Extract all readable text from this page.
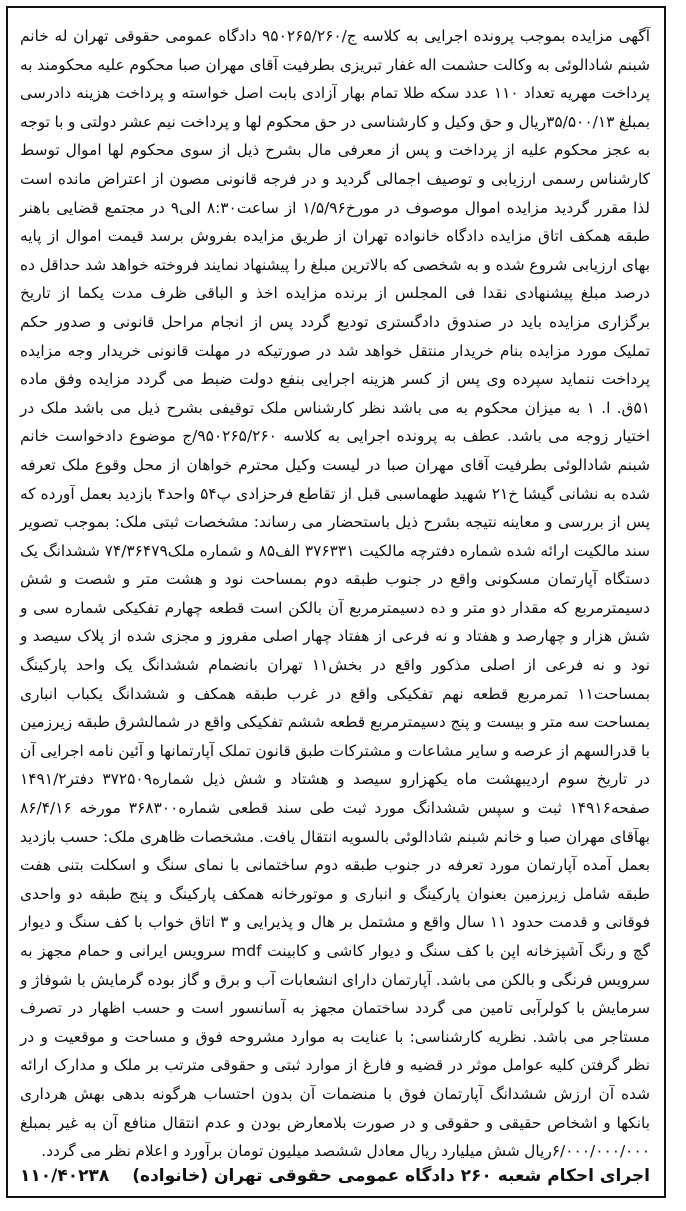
آگهی مزایده بموجب پرونده اجرایی به کلاسه ج/۹۵۰۲۶۵/۲۶۰ دادگاه عمومی حقوقی تهران له خانم شبنم شادالوئی به وکالت حشمت اله غفار تبریزی بطرفیت آقای مهران صبا محکوم علیه محکومند به پرداخت مهریه تعداد ۱۱۰ عدد سکه طلا تمام بهار آزادی بابت اصل خواسته و پرداخت هزینه دادرسی بمبلغ ۳۵/۵۰۰/۱۳ریال و حق وکیل و کارشناسی در حق محکوم لها و پرداخت نیم عشر دولتی و با توجه به عجز محکوم علیه از پرداخت و پس از معرفی مال بشرح ذیل از سوی محکوم لها اموال توسط کارشناس رسمی ارزیابی و توصیف اجمالی گردید و در فرجه قانونی مصون از اعتراض مانده است لذا مقرر گردید مزایده اموال موصوف در مورخ۱/۵/۹۶ از ساعت۸:۳۰ الی۹ در مجتمع قضایی باهنر طبقه همکف اتاق مزایده دادگاه خانواده تهران از طریق مزایده بفروش برسد قیمت اموال از پایه بهای ارزیابی شروع شده و به شخصی که بالاترین مبلغ را پیشنهاد نمایند فروخته خواهد شد حداقل ده درصد مبلغ پیشنهادی نقدا فی المجلس از برنده مزایده اخذ و الباقی ظرف مدت یکما از تاریخ برگزاری مزایده باید در صندوق دادگستری تودیع گردد پس از انجام مراحل قانونی و صدور حکم تملیک مورد مزایده بنام خریدار منتقل خواهد شد در صورتیکه در مهلت قانونی خریدار وجه مزایده پرداخت ننماید سپرده وی پس از کسر هزینه اجرایی بنفع دولت ضبط می گردد مزایده وفق ماده ۵۱ق. ا. ۱ به میزان محکوم به می باشد نظر کارشناس ملک توقیفی بشرح ذیل می باشد ملک در اختیار زوجه می باشد. عطف به پرونده اجرایی به کلاسه ۹۵۰۲۶۵/۲۶۰/ج موضوع دادخواست خانم شبنم شادالوئی بطرفیت آقای مهران صبا در لیست وکیل محترم خواهان از محل وقوع ملک تعرفه شده به نشانی گیشا خ۲۱ شهید طهماسبی قبل از تقاطع فرحزادی پ۵۴ واحد۴ بازدید بعمل آورده که پس از بررسی و معاینه نتیجه بشرح ذیل باستحضار می رساند: مشخصات ثبتی ملک: بموجب تصویر سند مالکیت ارائه شده شماره دفترچه مالکیت ۳۷۶۳۳۱ الف۸۵ و شماره ملک۷۴/۳۶۴۷۹ ششدانگ یک دستگاه آپارتمان مسکونی واقع در جنوب طبقه دوم بمساحت نود و هشت متر و شصت و شش دسیمترمربع که مقدار دو متر و ده دسیمترمربع آن بالکن است قطعه چهارم تفکیکی شماره سی و شش هزار و چهارصد و هفتاد و نه فرعی از هفتاد چهار اصلی مفروز و مجزی شده از پلاک سیصد و نود و نه فرعی از اصلی مذکور واقع در بخش۱۱ تهران بانضمام ششدانگ یک واحد پارکینگ بمساحت۱۱ تمرمربع قطعه نهم تفکیکی واقع در غرب طبقه همکف و ششدانگ یکباب انباری بمساحت سه متر و بیست و پنج دسیمترمربع قطعه ششم تفکیکی واقع در شمالشرق طبقه زیرزمین با قدرالسهم از عرصه و سایر مشاعات و مشترکات طبق قانون تملک آپارتمانها و آئین نامه اجرایی آن در تاریخ سوم اردیبهشت ماه یکهزارو سیصد و هشتاد و شش ذیل شماره۳۷۲۵۰۹ دفتر۱۴۹۱/۲ صفحه۱۴۹۱۶ ثبت و سپس ششدانگ مورد ثبت طی سند قطعی شماره۳۶۸۳۰۰ مورخه ۸۶/۴/۱۶ بهآقای مهران صبا و خانم شبنم شادالوئی بالسویه انتقال یافت. مشخصات ظاهری ملک: حسب بازدید بعمل آمده آپارتمان مورد تعرفه در جنوب طبقه دوم ساختمانی با نمای سنگ و اسکلت بتنی هفت طبقه شامل زیرزمین بعنوان پارکینگ و انباری و موتورخانه همکف پارکینگ و پنج طبقه دو واحدی فوقانی و قدمت حدود ۱۱ سال واقع و مشتمل بر هال و پذیرایی و ۳ اتاق خواب با کف سنگ و دیوار گچ و رنگ آشپزخانه اپن با کف سنگ و دیوار کاشی و کابینت mdf سرویس ایرانی و حمام مجهز به سرویس فرنگی و بالکن می باشد. آپارتمان دارای انشعابات آب و برق و گاز بوده گرمایش با شوفاژ و سرمایش با کولرآبی تامین می گردد ساختمان مجهز به آسانسور است و حسب اظهار در تصرف مستاجر می باشد. نظریه کارشناسی: با عنایت به موارد مشروحه فوق و مساحت و موقعیت و در نظر گرفتن کلیه عوامل موثر در قضیه و فارغ از موارد ثبتی و حقوقی مترتب بر ملک و مدارک ارائه شده آن ارزش ششدانگ آپارتمان فوق با منضمات آن بدون احتساب هرگونه بدهی بهش هرداری بانکها و اشخاص حقیقی و حقوقی و در صورت بلامعارض بودن و عدم انتقال منافع آن به غیر بمبلغ ۶/۰۰۰/۰۰۰/۰۰۰ریال شش میلیارد ریال معادل ششصد میلیون تومان برآورد و اعلام نظر می گردد.

اجرای احکام شعبه ۲۶۰ دادگاه عمومی حقوقی تهران (خانواده)
۱۱۰/۴۰۲۳۸
